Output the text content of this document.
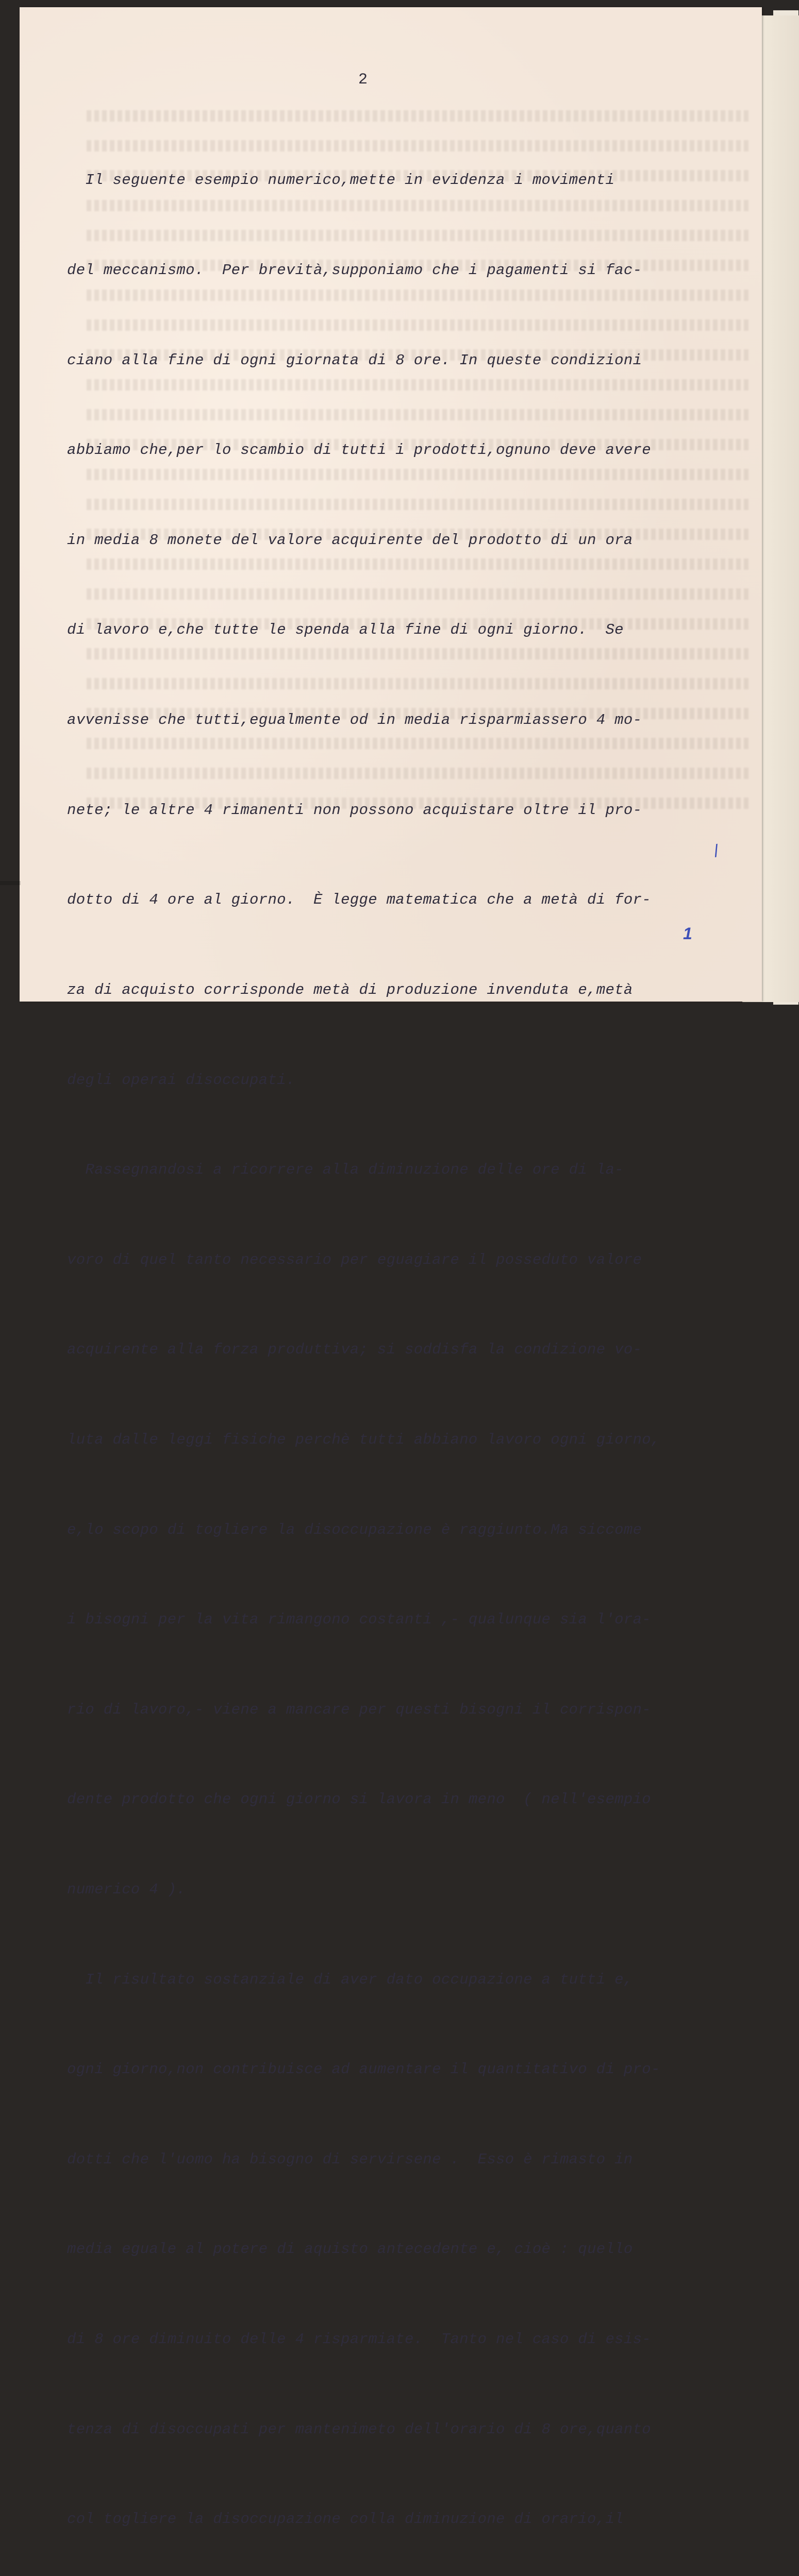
2

Il seguente esempio numerico,mette in evidenza i movimenti

del meccanismo.  Per brevità,supponiamo che i pagamenti si fac-

ciano alla fine di ogni giornata di 8 ore. In queste condizioni

abbiamo che,per lo scambio di tutti i prodotti,ognuno deve avere

in media 8 monete del valore acquirente del prodotto di un ora

di lavoro e,che tutte le spenda alla fine di ogni giorno.  Se

avvenisse che tutti,egualmente od in media risparmiassero 4 mo-

nete; le altre 4 rimanenti non possono acquistare oltre il pro-

dotto di 4 ore al giorno.  È legge matematica che a metà di for-

za di acquisto corrisponde metà di produzione invenduta e,metà

degli operai disoccupati.

Rassegnandosi a ricorrere alla diminuzione delle ore di la-

voro di quel tanto necessario per eguagiare il posseduto valore

acquirente alla forza produttiva; si soddisfa la condizione vo-

luta dalle leggi fisiche perchè tutti abbiano lavoro ogni giorno,

e,lo scopo di togliere la disoccupazione è raggiunto.Ma siccome

i bisogni per la vita rimangono costanti ,- qualunque sia l'ora-

rio di lavoro,- viene a mancare per questi bisogni il corrispon-

dente prodotto che ogni giorno si lavora in meno  ( nell'esempio

numerico 4 ).

Il risultato sostanziale di aver dato occupazione a tutti e,

ogni giorno,non contribuisce ad aumentare il quantitativo di pro-

dotti che l'uomo ha bisogno di servirsene .  Esso è rimasto in

media eguale al potere di aquisto antecedente e, cioè : quello

di 8 ore diminuito delle 4 risparmiate.  Tanto nel caso di esis-

tenza di disoccupati per mantenimeto dell'orario di 8 ore,quanto

col togliere la disoccupazione colla diminuzione di orario,il

/
1
